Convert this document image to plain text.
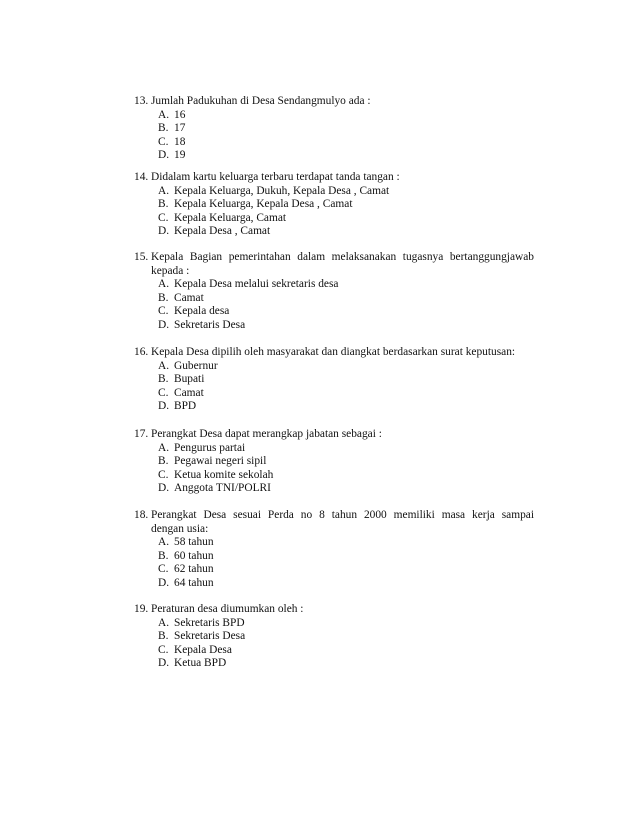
13. Jumlah Padukuhan di Desa Sendangmulyo ada :
A. 16
B. 17
C. 18
D. 19
14. Didalam kartu keluarga terbaru terdapat tanda tangan :
A. Kepala Keluarga, Dukuh, Kepala Desa , Camat
B. Kepala Keluarga, Kepala Desa , Camat
C. Kepala Keluarga, Camat
D. Kepala Desa , Camat
15. Kepala Bagian pemerintahan dalam melaksanakan tugasnya bertanggungjawab
kepada :
A. Kepala Desa melalui sekretaris desa
B. Camat
C. Kepala desa
D. Sekretaris Desa
16. Kepala Desa dipilih oleh masyarakat dan diangkat berdasarkan surat keputusan:
A. Gubernur
B. Bupati
C. Camat
D. BPD
17. Perangkat Desa dapat merangkap jabatan sebagai :
A. Pengurus partai
B. Pegawai negeri sipil
C. Ketua komite sekolah
D. Anggota TNI/POLRI
18. Perangkat Desa sesuai Perda no 8 tahun 2000 memiliki masa kerja sampai
dengan usia:
A. 58 tahun
B. 60 tahun
C. 62 tahun
D. 64 tahun
19. Peraturan desa diumumkan oleh :
A. Sekretaris BPD
B. Sekretaris Desa
C. Kepala Desa
D. Ketua BPD
